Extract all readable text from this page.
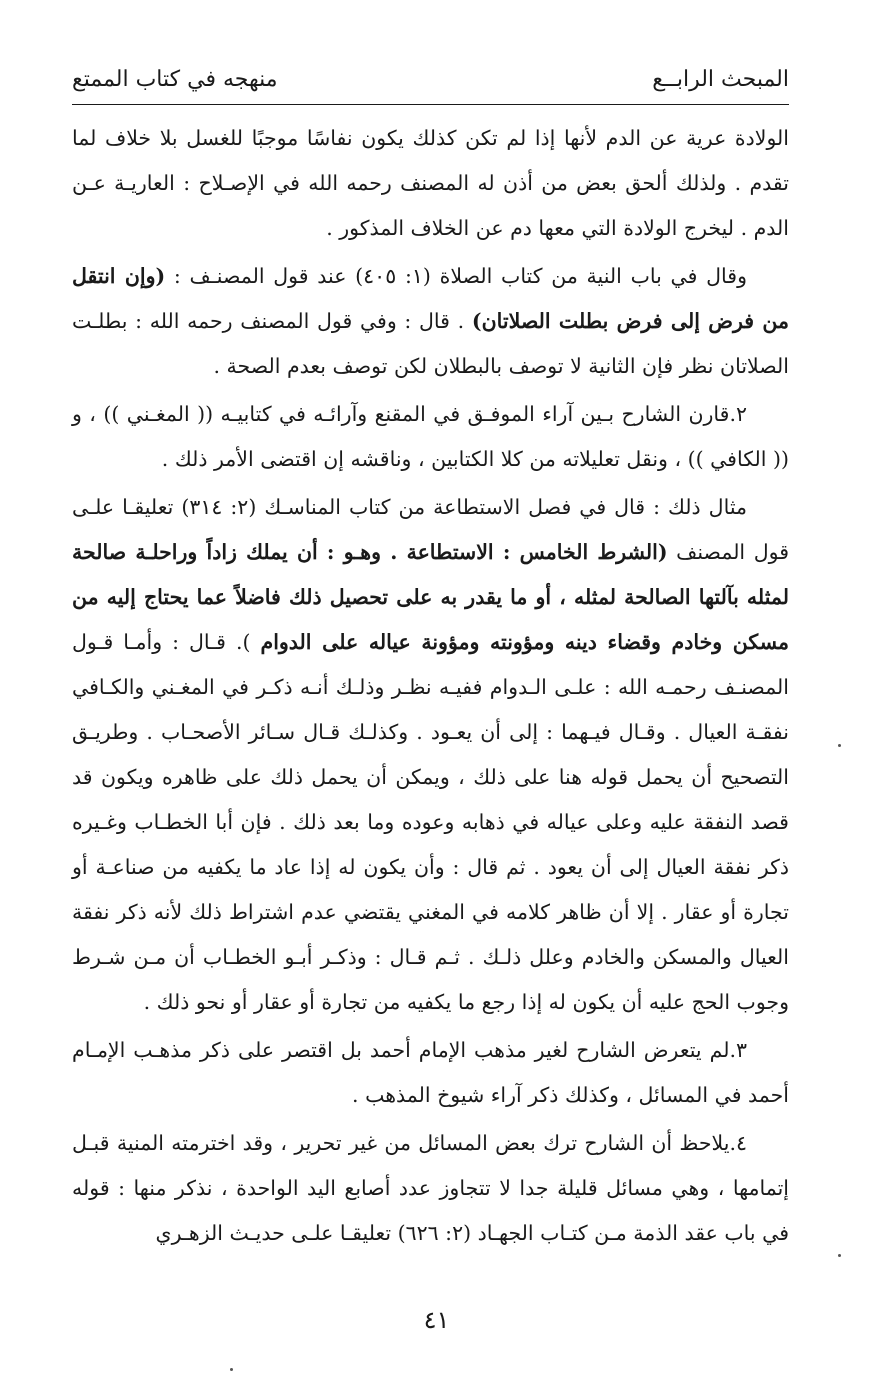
المبحث الرابــع
منهجه في كتاب الممتع

الولادة عرية عن الدم لأنها إذا لم تكن كذلك يكون نفاسًا موجبًا للغسل بلا خلاف لما تقدم . ولذلك ألحق بعض من أذن له المصنف رحمه الله في الإصـلاح : العاريـة عـن الدم . ليخرج الولادة التي معها دم عن الخلاف المذكور .

وقال في باب النية من كتاب الصلاة (١: ٤٠٥) عند قول المصنـف : (وإن انتقل من فرض إلى فرض بطلت الصلاتان) . قال : وفي قول المصنف رحمه الله : بطلـت الصلاتان نظر فإن الثانية لا توصف بالبطلان لكن توصف بعدم الصحة .

٢.قارن الشارح بـين آراء الموفـق في المقنع وآرائـه في كتابيـه (( المغـني )) ، و (( الكافي )) ، ونقل تعليلاته من كلا الكتابين ، وناقشه إن اقتضى الأمر ذلك .

مثال ذلك : قال في فصل الاستطاعة من كتاب المناسـك (٢: ٣١٤) تعليقـا علـى قول المصنف (الشرط الخامس : الاستطاعة . وهـو : أن يملك زاداً وراحلـة صالحة لمثله بآلتها الصالحة لمثله ، أو ما يقدر به على تحصيل ذلك فاضلاً عما يحتاج إليه من مسكن وخادم وقضاء دينه ومؤونته ومؤونة عياله على الدوام ). قـال : وأمـا قـول المصنـف رحمـه الله : علـى الـدوام ففيـه نظـر وذلـك أنـه ذكـر في المغـني والكـافي نفقـة العيال . وقـال فيـهما : إلى أن يعـود . وكذلـك قـال سـائر الأصحـاب . وطريـق التصحيح أن يحمل قوله هنا على ذلك ، ويمكن أن يحمل ذلك على ظاهره ويكون قد قصد النفقة عليه وعلى عياله في ذهابه وعوده وما بعد ذلك . فإن أبا الخطـاب وغـيره ذكر نفقة العيال إلى أن يعود . ثم قال : وأن يكون له إذا عاد ما يكفيه من صناعـة أو تجارة أو عقار . إلا أن ظاهر كلامه في المغني يقتضي عدم اشتراط ذلك لأنه ذكر نفقة العيال والمسكن والخادم وعلل ذلـك . ثـم قـال : وذكـر أبـو الخطـاب أن مـن شـرط وجوب الحج عليه أن يكون له إذا رجع ما يكفيه من تجارة أو عقار أو نحو ذلك .

٣.لم يتعرض الشارح لغير مذهب الإمام أحمد بل اقتصر على ذكر مذهـب الإمـام أحمد في المسائل ، وكذلك ذكر آراء شيوخ المذهب .

٤.يلاحظ أن الشارح ترك بعض المسائل من غير تحرير ، وقد اخترمته المنية قبـل إتمامها ، وهي مسائل قليلة جدا لا تتجاوز عدد أصابع اليد الواحدة ، نذكر منها : قوله في باب عقد الذمة مـن كتـاب الجهـاد (٢: ٦٢٦) تعليقـا علـى حديـث الزهـري

٤١
